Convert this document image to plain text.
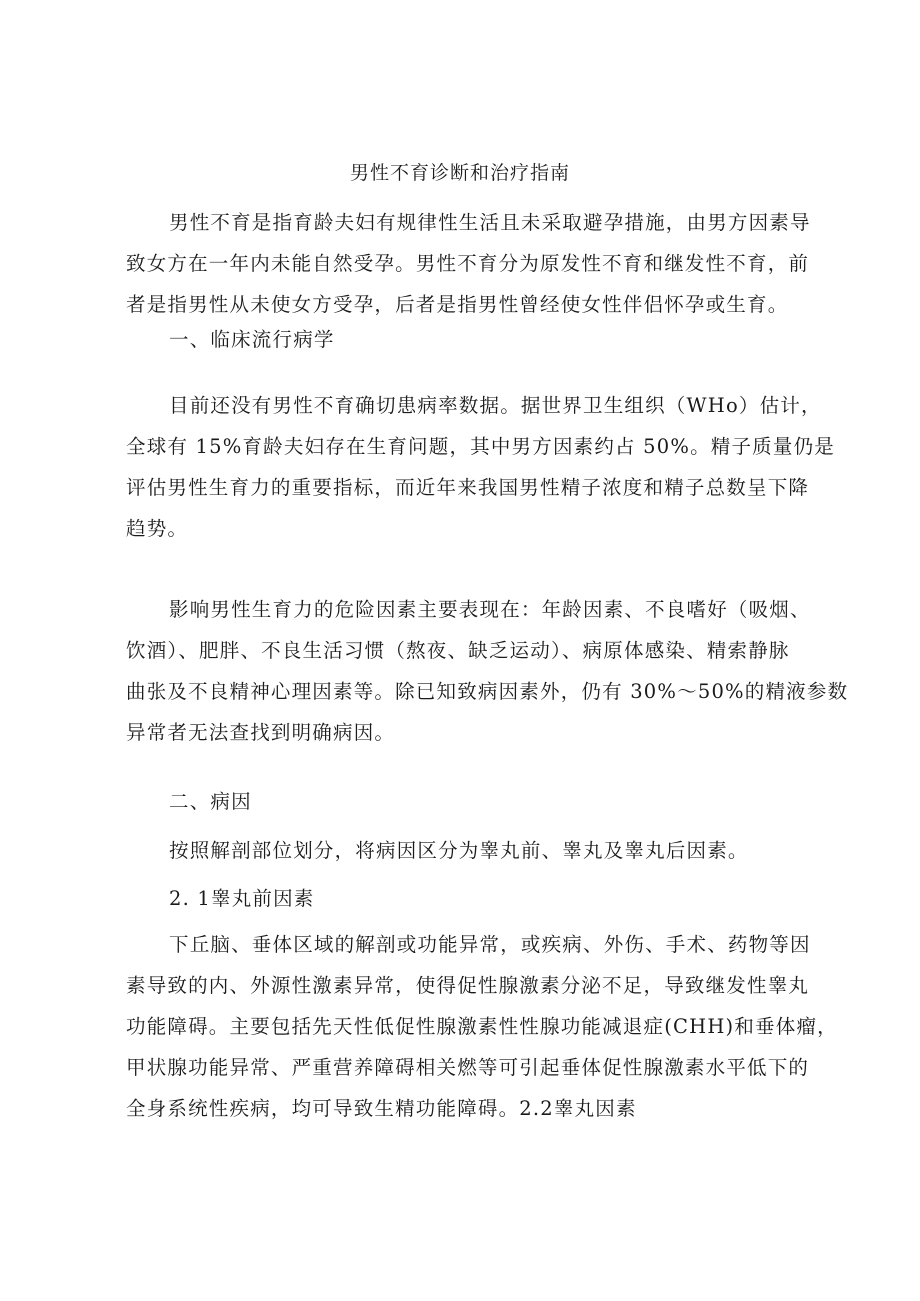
男性不育诊断和治疗指南
男性不育是指育龄夫妇有规律性生活且未采取避孕措施，由男方因素导
致女方在一年内未能自然受孕。男性不育分为原发性不育和继发性不育，前
者是指男性从未使女方受孕，后者是指男性曾经使女性伴侣怀孕或生育。
一、临床流行病学
目前还没有男性不育确切患病率数据。据世界卫生组织（WHo）估计，
全球有 15%育龄夫妇存在生育问题，其中男方因素约占 50%。精子质量仍是
评估男性生育力的重要指标，而近年来我国男性精子浓度和精子总数呈下降
趋势。
影响男性生育力的危险因素主要表现在：年龄因素、不良嗜好（吸烟、
饮酒）、肥胖、不良生活习惯（熬夜、缺乏运动）、病原体感染、精索静脉
曲张及不良精神心理因素等。除已知致病因素外，仍有 30%～50%的精液参数
异常者无法查找到明确病因。
二、病因
按照解剖部位划分，将病因区分为睾丸前、睾丸及睾丸后因素。
2. 1睾丸前因素
下丘脑、垂体区域的解剖或功能异常，或疾病、外伤、手术、药物等因
素导致的内、外源性激素异常，使得促性腺激素分泌不足，导致继发性睾丸
功能障碍。主要包括先天性低促性腺激素性性腺功能减退症(CHH)和垂体瘤，
甲状腺功能异常、严重营养障碍相关燃等可引起垂体促性腺激素水平低下的
全身系统性疾病，均可导致生精功能障碍。2.2睾丸因素
